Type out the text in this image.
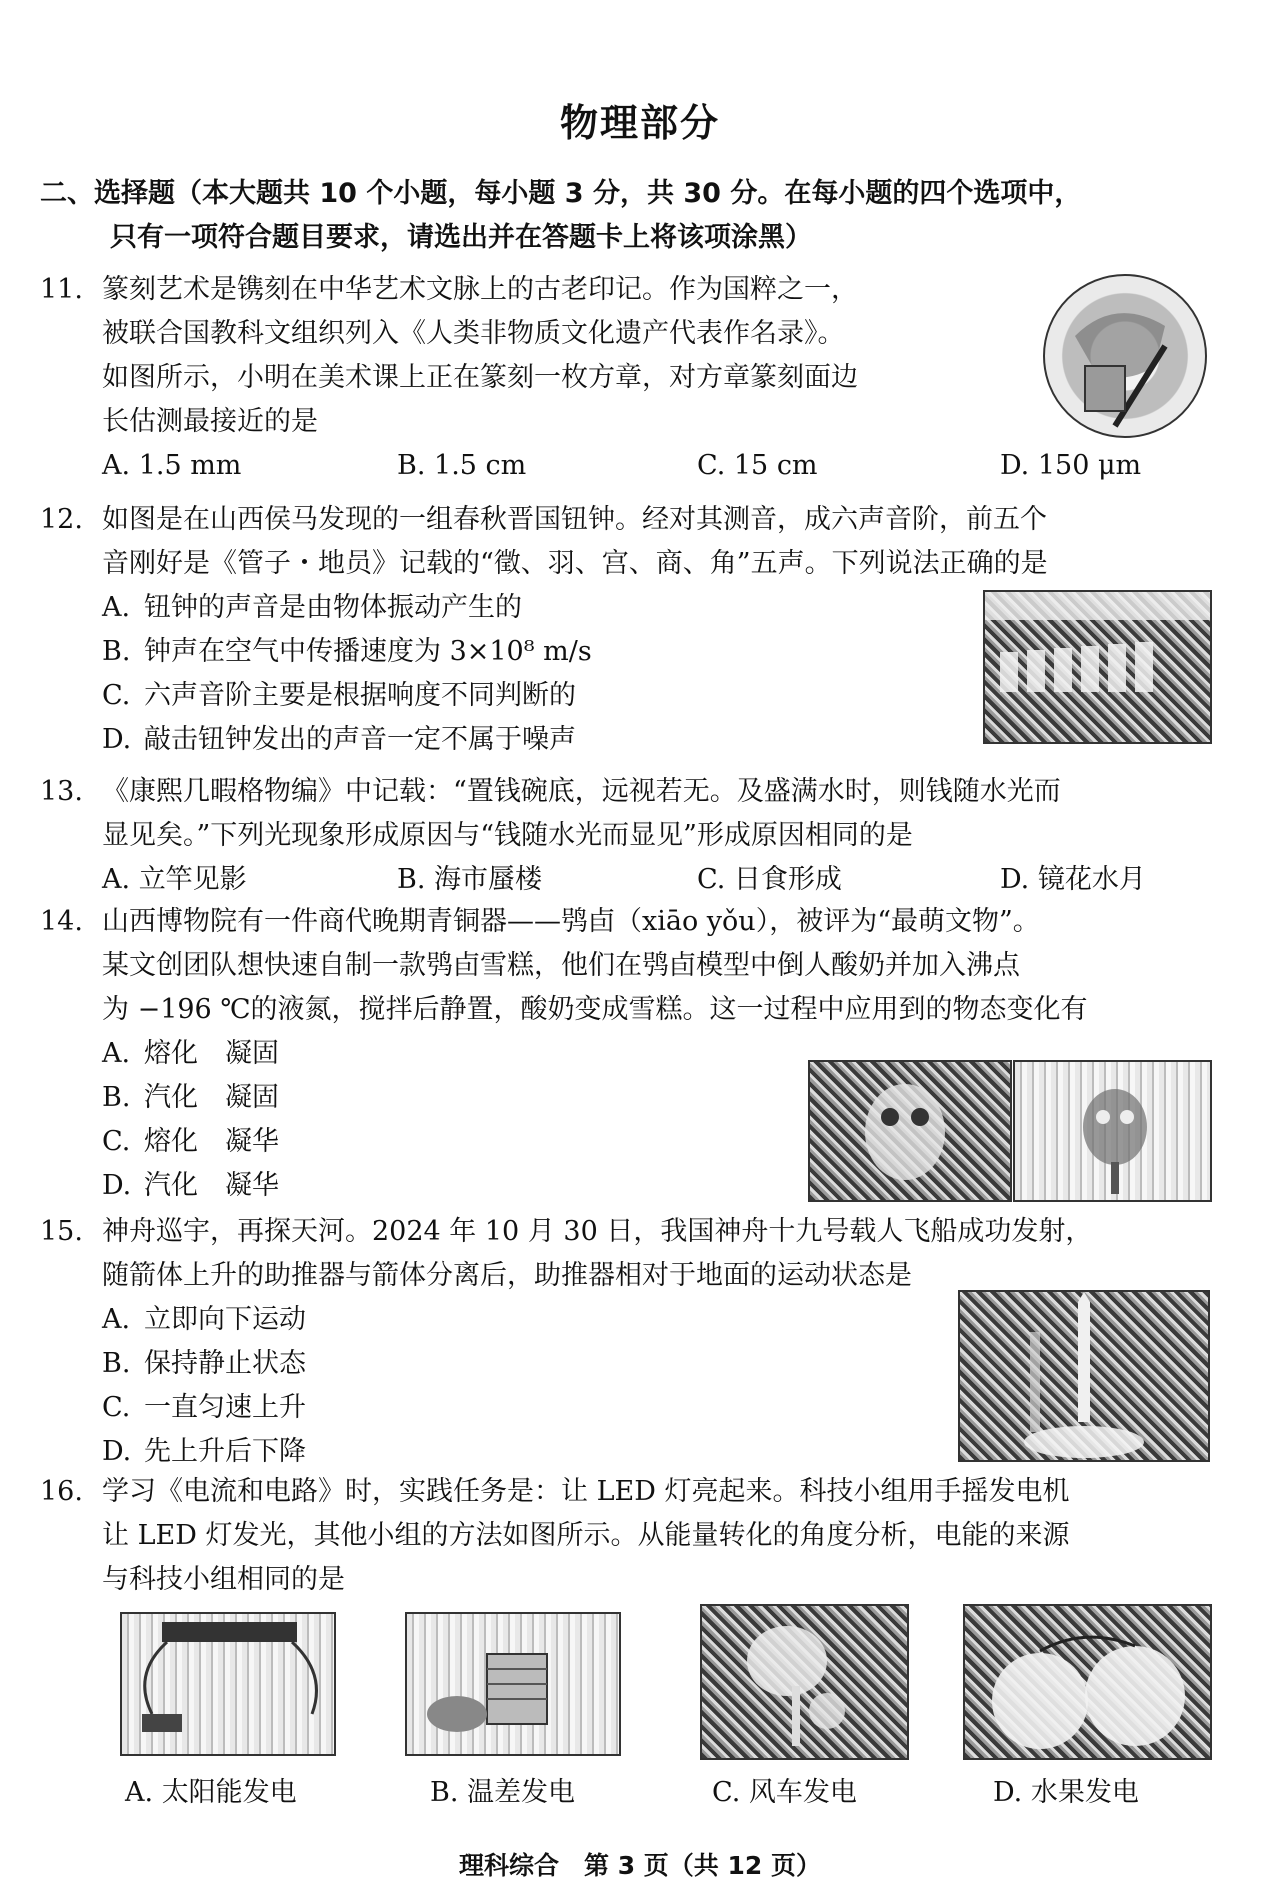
物理部分
二、选择题（本大题共 10 个小题，每小题 3 分，共 30 分。在每小题的四个选项中，
只有一项符合题目要求，请选出并在答题卡上将该项涂黑）
11. 篆刻艺术是镌刻在中华艺术文脉上的古老印记。作为国粹之一，
被联合国教科文组织列入《人类非物质文化遗产代表作名录》。
如图所示，小明在美术课上正在篆刻一枚方章，对方章篆刻面边
长估测最接近的是
A. 1.5 mm	B. 1.5 cm	C. 15 cm	D. 150 μm
12. 如图是在山西侯马发现的一组春秋晋国钮钟。经对其测音，成六声音阶，前五个
音刚好是《管子・地员》记载的“徵、羽、宫、商、角”五声。下列说法正确的是
A. 钮钟的声音是由物体振动产生的
B. 钟声在空气中传播速度为 3×10⁸ m/s
C. 六声音阶主要是根据响度不同判断的
D. 敲击钮钟发出的声音一定不属于噪声
13. 《康熙几暇格物编》中记载：“置钱碗底，远视若无。及盛满水时，则钱随水光而
显见矣。”下列光现象形成原因与“钱随水光而显见”形成原因相同的是
A. 立竿见影	B. 海市蜃楼	C. 日食形成	D. 镜花水月
14. 山西博物院有一件商代晚期青铜器——鸮卣（xiāo yǒu），被评为“最萌文物”。
某文创团队想快速自制一款鸮卣雪糕，他们在鸮卣模型中倒人酸奶并加入沸点
为 −196 ℃的液氮，搅拌后静置，酸奶变成雪糕。这一过程中应用到的物态变化有
A. 熔化　凝固
B. 汽化　凝固
C. 熔化　凝华
D. 汽化　凝华
15. 神舟巡宇，再探天河。2024 年 10 月 30 日，我国神舟十九号载人飞船成功发射，
随箭体上升的助推器与箭体分离后，助推器相对于地面的运动状态是
A. 立即向下运动
B. 保持静止状态
C. 一直匀速上升
D. 先上升后下降
16. 学习《电流和电路》时，实践任务是：让 LED 灯亮起来。科技小组用手摇发电机
让 LED 灯发光，其他小组的方法如图所示。从能量转化的角度分析，电能的来源
与科技小组相同的是
A. 太阳能发电	B. 温差发电	C. 风车发电	D. 水果发电
理科综合　第 3 页（共 12 页）
